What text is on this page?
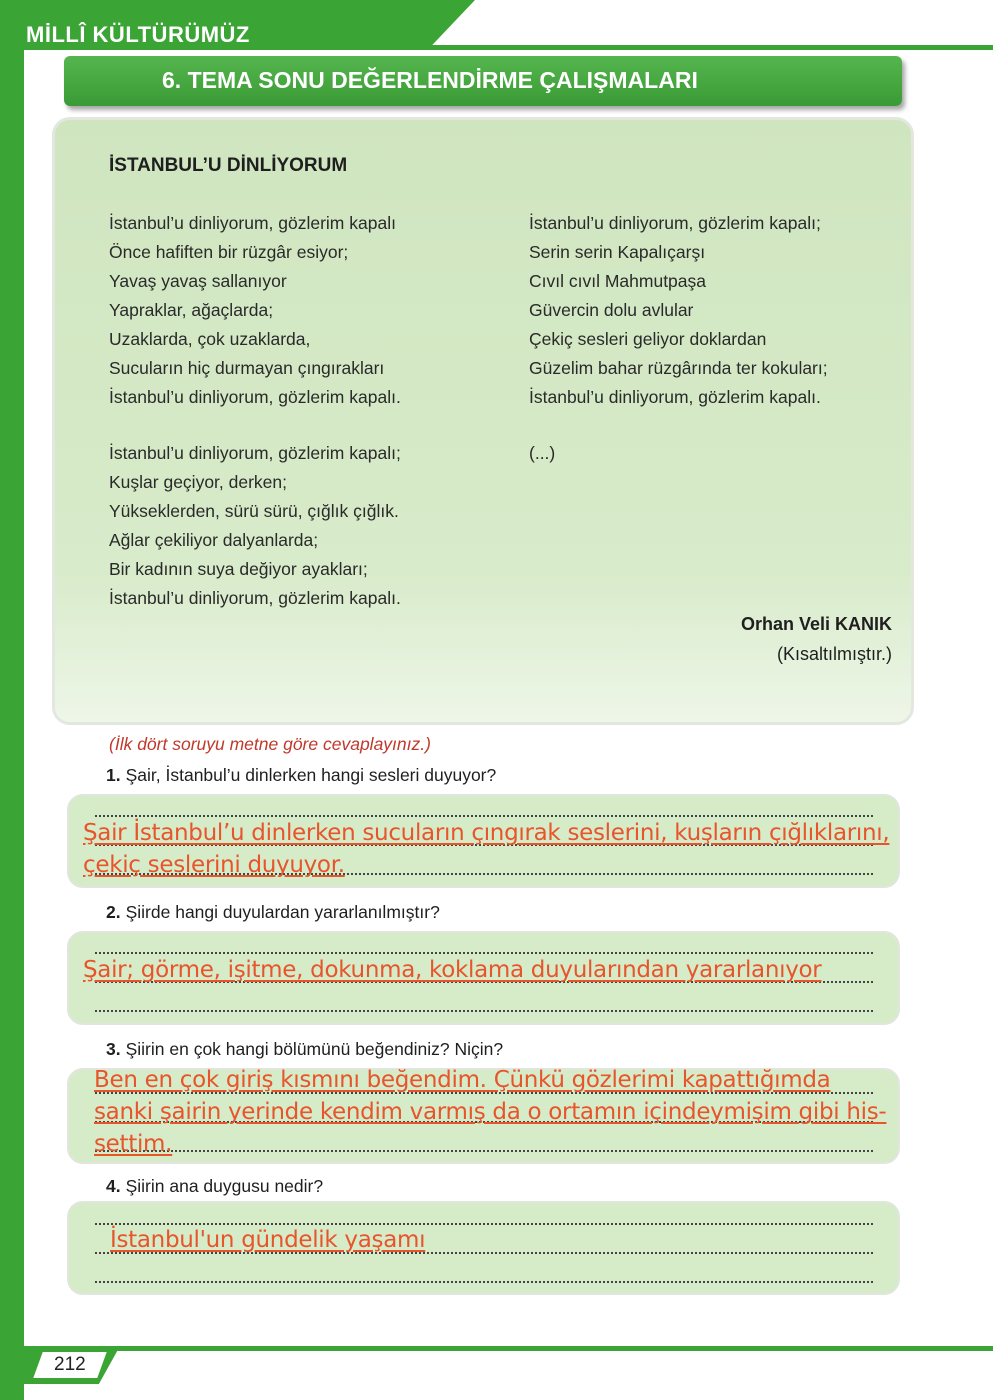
MİLLÎ KÜLTÜRÜMÜZ
6. TEMA SONU DEĞERLENDİRME ÇALIŞMALARI
İSTANBUL’U DİNLİYORUM
İstanbul’u dinliyorum, gözlerim kapalı
Önce hafiften bir rüzgâr esiyor;
Yavaş yavaş sallanıyor
Yapraklar, ağaçlarda;
Uzaklarda, çok uzaklarda,
Sucuların hiç durmayan çıngırakları
İstanbul’u dinliyorum, gözlerim kapalı.
İstanbul’u dinliyorum, gözlerim kapalı;
Kuşlar geçiyor, derken;
Yükseklerden, sürü sürü, çığlık çığlık.
Ağlar çekiliyor dalyanlarda;
Bir kadının suya değiyor ayakları;
İstanbul’u dinliyorum, gözlerim kapalı.
İstanbul’u dinliyorum, gözlerim kapalı;
Serin serin Kapalıçarşı
Cıvıl cıvıl Mahmutpaşa
Güvercin dolu avlular
Çekiç sesleri geliyor doklardan
Güzelim bahar rüzgârında ter kokuları;
İstanbul’u dinliyorum, gözlerim kapalı.
(...)
Orhan Veli KANIK
(Kısaltılmıştır.)
(İlk dört soruyu metne göre cevaplayınız.)
1. Şair, İstanbul’u dinlerken hangi sesleri duyuyor?
Şair İstanbul’u dinlerken sucuların çıngırak seslerini, kuşların çığlıklarını,
çekiç seslerini duyuyor.
2. Şiirde hangi duyulardan yararlanılmıştır?
Şair; görme, işitme, dokunma, koklama duyularından yararlanıyor
3. Şiirin en çok hangi bölümünü beğendiniz? Niçin?
Ben en çok giriş kısmını beğendim. Çünkü gözlerimi kapattığımda
sanki şairin yerinde kendim varmış da o ortamın içindeymişim gibi his-
settim.
4. Şiirin ana duygusu nedir?
İstanbul'un gündelik yaşamı
212
